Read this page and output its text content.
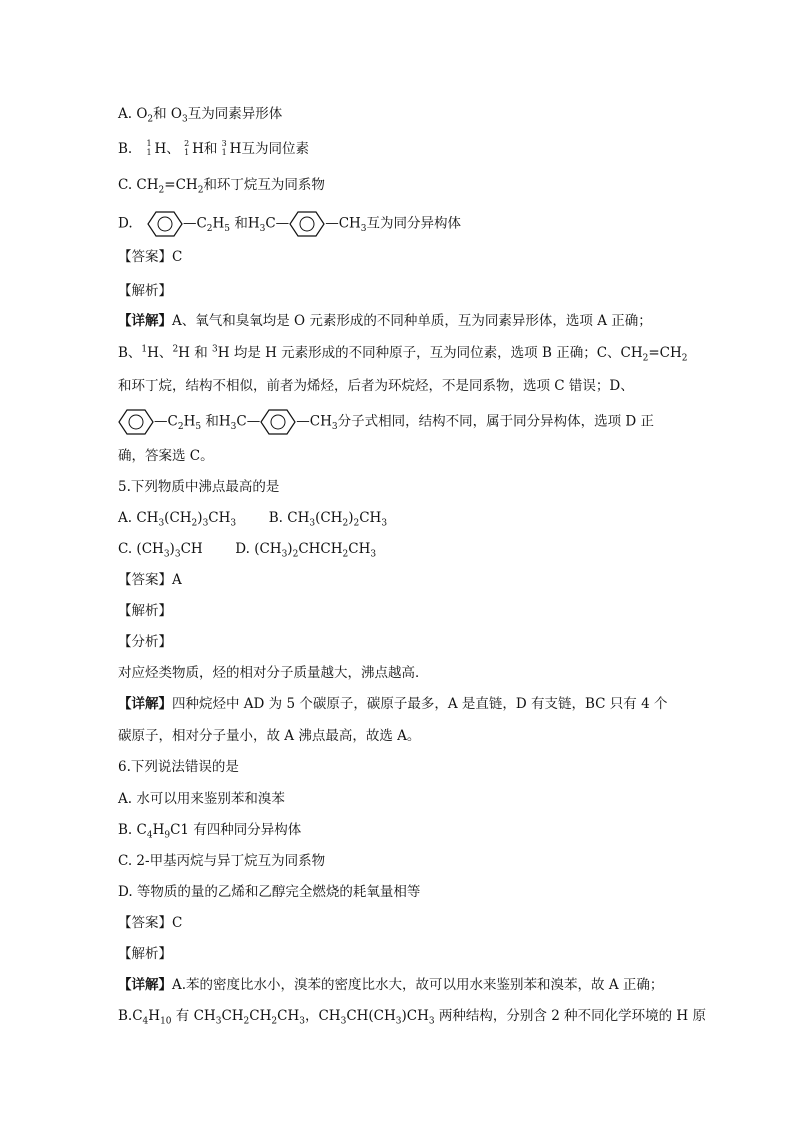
A. $O_2$和 $O_3$互为同素异形体
B. 1
1 H、 2
1 H和 3
1 H互为同位素
C. $CH_2=CH_2$和环丁烷互为同系物
D.	$—C_2H_5$ 和$H_3C—$	$—CH_3$互为同分异构体
【答案】C
【解析】
【详解】A、氧气和臭氧均是 O 元素形成的不同种单质，互为同素异形体，选项 A 正确；
B、$^1$H、$^2$H 和 $^3$H 均是 H 元素形成的不同种原子，互为同位素，选项 B 正确；C、$CH_2=CH_2$
和环丁烷，结构不相似，前者为烯烃，后者为环烷烃，不是同系物，选项 C 错误；D、
$—C_2H_5$ 和$H_3C—$	$—CH_3$分子式相同，结构不同，属于同分异构体，选项 D 正
确，答案选 C。
5.下列物质中沸点最高的是
A. $CH_3(CH_2)_3CH_3$ B. $CH_3(CH_2)_2CH_3$
C. $(CH_3)_3CH$ D. $(CH_3)_2CHCH_2CH_3$
【答案】A
【解析】
【分析】
对应烃类物质，烃的相对分子质量越大，沸点越高．
【详解】四种烷烃中 AD 为 5 个碳原子，碳原子最多，A 是直链，D 有支链，BC 只有 4 个
碳原子，相对分子量小，故 A 沸点最高，故选 A。
6.下列说法错误的是
A. 水可以用来鉴别苯和溴苯
B. $C_4H_9C1$ 有四种同分异构体
C. 2-甲基丙烷与异丁烷互为同系物
D. 等物质的量的乙烯和乙醇完全燃烧的耗氧量相等
【答案】C
【解析】
【详解】A.苯的密度比水小，溴苯的密度比水大，故可以用水来鉴别苯和溴苯，故 A 正确；
$B.C_4H_{10}$ 有 $CH_3CH_2CH_2CH_3$，$CH_3CH(CH_3)CH_3$ 两种结构，分别含 2 种不同化学环境的 H 原
